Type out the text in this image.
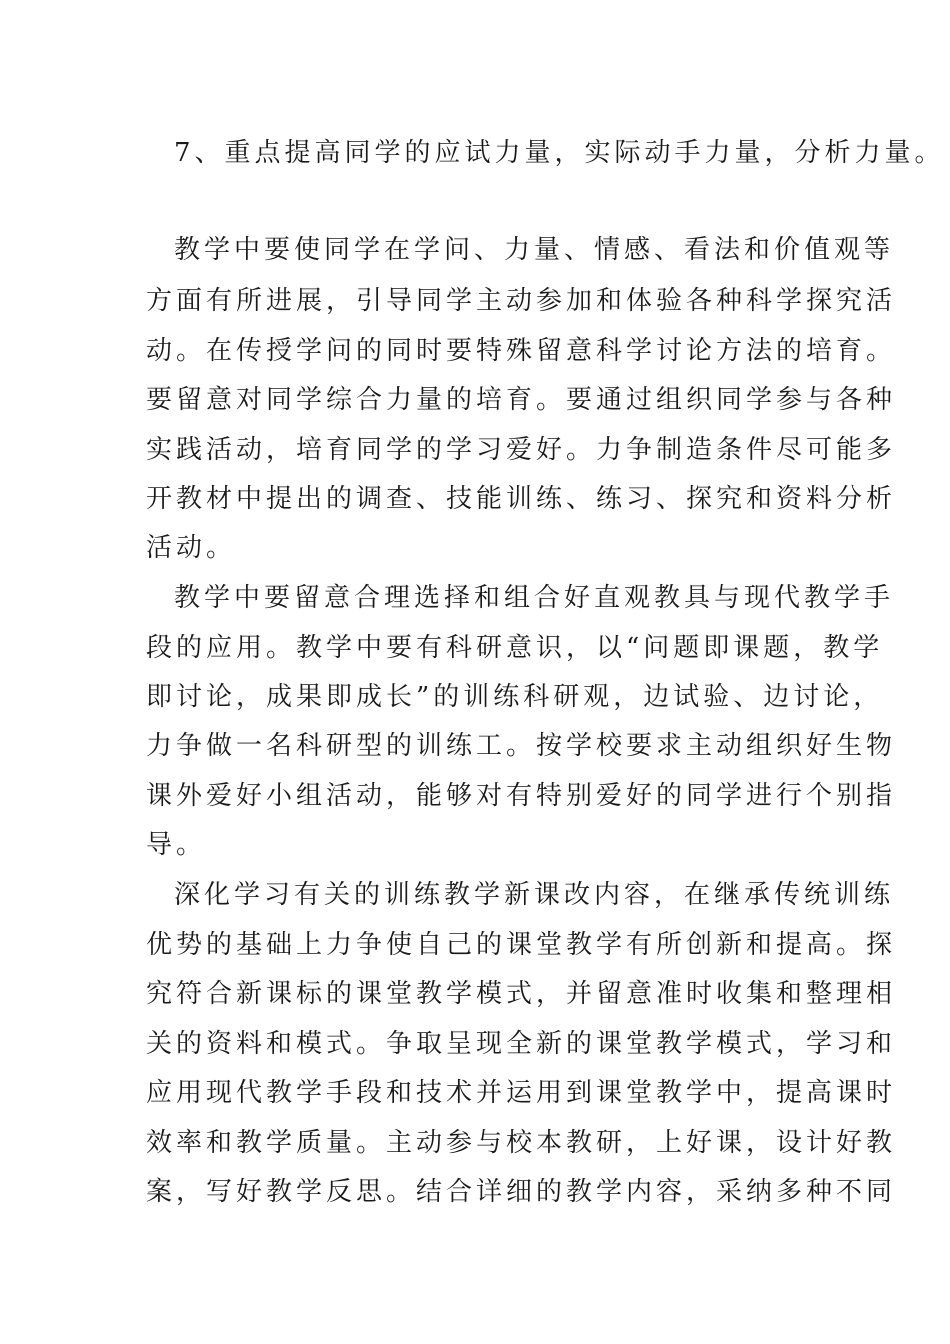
7、重点提高同学的应试力量，实际动手力量，分析力量。
教学中要使同学在学问、力量、情感、看法和价值观等
方面有所进展，引导同学主动参加和体验各种科学探究活
动。在传授学问的同时要特殊留意科学讨论方法的培育。
要留意对同学综合力量的培育。要通过组织同学参与各种
实践活动，培育同学的学习爱好。力争制造条件尽可能多
开教材中提出的调查、技能训练、练习、探究和资料分析
活动。
教学中要留意合理选择和组合好直观教具与现代教学手
段的应用。教学中要有科研意识，以“问题即课题，教学
即讨论，成果即成长”的训练科研观，边试验、边讨论，
力争做一名科研型的训练工。按学校要求主动组织好生物
课外爱好小组活动，能够对有特别爱好的同学进行个别指
导。
深化学习有关的训练教学新课改内容，在继承传统训练
优势的基础上力争使自己的课堂教学有所创新和提高。探
究符合新课标的课堂教学模式，并留意准时收集和整理相
关的资料和模式。争取呈现全新的课堂教学模式，学习和
应用现代教学手段和技术并运用到课堂教学中，提高课时
效率和教学质量。主动参与校本教研，上好课，设计好教
案，写好教学反思。结合详细的教学内容，采纳多种不同
